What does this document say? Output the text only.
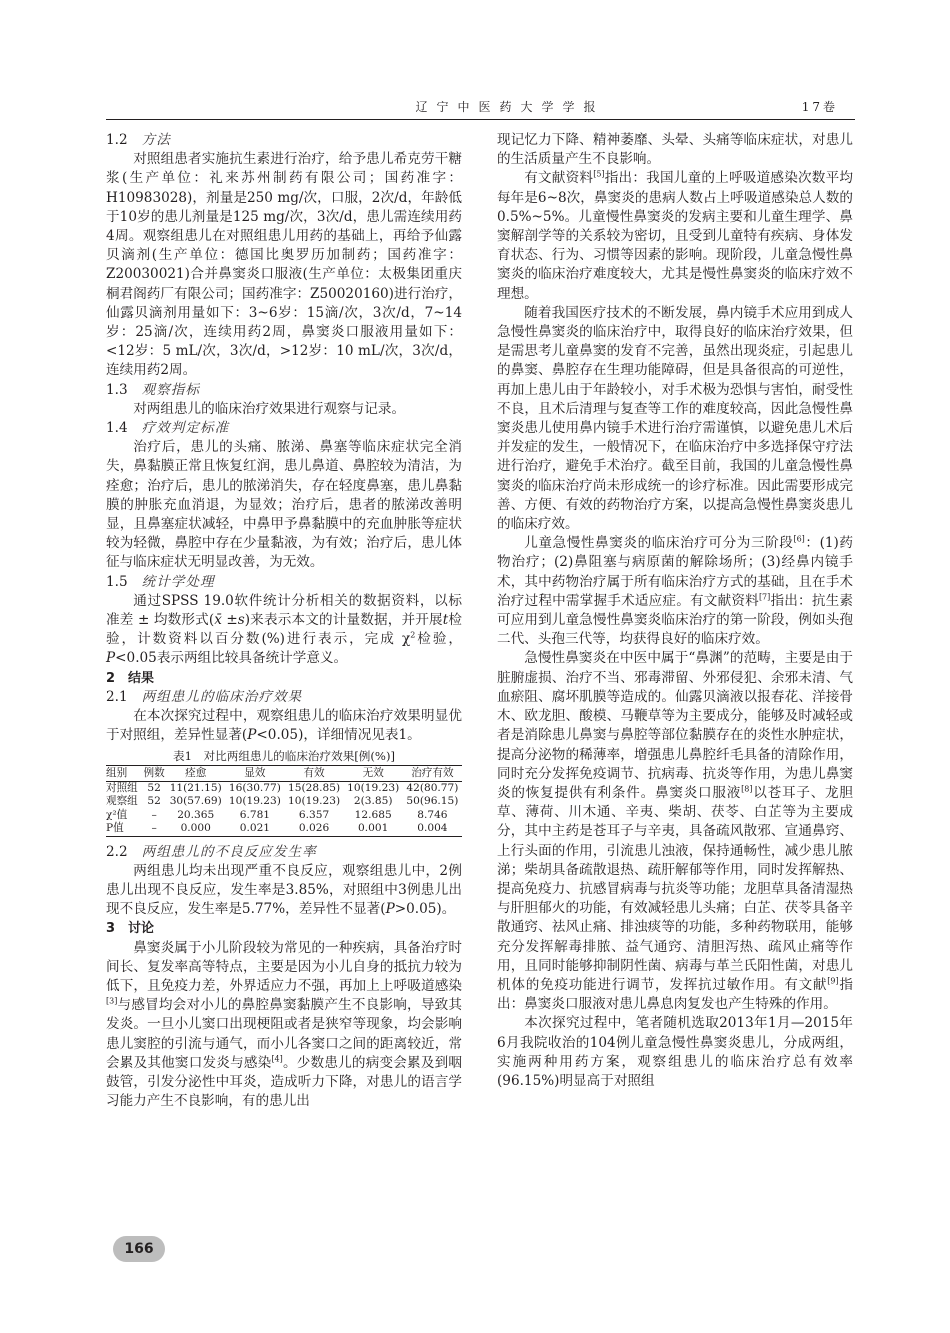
辽宁中医药大学学报	17卷
1.2 方法

对照组患者实施抗生素进行治疗，给予患儿希克劳干糖浆(生产单位：礼来苏州制药有限公司；国药准字：H10983028)，剂量是250 mg/次，口服，2次/d，年龄低于10岁的患儿剂量是125 mg/次，3次/d，患儿需连续用药4周。观察组患儿在对照组患儿用药的基础上，再给予仙露贝滴剂(生产单位：德国比奥罗历加制药；国药准字：Z20030021)合并鼻窦炎口服液(生产单位：太极集团重庆桐君阁药厂有限公司；国药准字：Z50020160)进行治疗，仙露贝滴剂用量如下：3~6岁：15滴/次，3次/d，7~14岁：25滴/次，连续用药2周，鼻窦炎口服液用量如下：<12岁：5 mL/次，3次/d，>12岁：10 mL/次，3次/d，连续用药2周。

1.3 观察指标

对两组患儿的临床治疗效果进行观察与记录。

1.4 疗效判定标准

治疗后，患儿的头痛、脓涕、鼻塞等临床症状完全消失，鼻黏膜正常且恢复红润，患儿鼻道、鼻腔较为清洁，为痊愈；治疗后，患儿的脓涕消失，存在轻度鼻塞，患儿鼻黏膜的肿胀充血消退，为显效；治疗后，患者的脓涕改善明显，且鼻塞症状减轻，中鼻甲予鼻黏膜中的充血肿胀等症状较为轻微，鼻腔中存在少量黏液，为有效；治疗后，患儿体征与临床症状无明显改善，为无效。

1.5 统计学处理

通过SPSS 19.0软件统计分析相关的数据资料，以标准差 ± 均数形式(x̄ ±s)来表示本文的计量数据，并开展t检验，计数资料以百分数(%)进行表示，完成 $\chi^2$检验，P<0.05表示两组比较具备统计学意义。

2　结果
2.1 两组患儿的临床治疗效果

在本次探究过程中，观察组患儿的临床治疗效果明显优于对照组，差异性显著(P<0.05)，详细情况见表1。

表1　对比两组患儿的临床治疗效果[例(%)]
组别	例数	痊愈	显效	有效	无效	治疗有效
对照组	52	11(21.15)	16(30.77)	15(28.85)	10(19.23)	42(80.77)
观察组	52	30(57.69)	10(19.23)	10(19.23)	2(3.85)	50(96.15)
χ²值	–	20.365	6.781	6.357	12.685	8.746
P值	–	0.000	0.021	0.026	0.001	0.004
2.2 两组患儿的不良反应发生率

两组患儿均未出现严重不良反应，观察组患儿中，2例患儿出现不良反应，发生率是3.85%，对照组中3例患儿出现不良反应，发生率是5.77%，差异性不显著(P>0.05)。

3　讨论

鼻窦炎属于小儿阶段较为常见的一种疾病，具备治疗时间长、复发率高等特点，主要是因为小儿自身的抵抗力较为低下，且免疫力差，外界适应力不强，再加上上呼吸道感染[3]与感冒均会对小儿的鼻腔鼻窦黏膜产生不良影响，导致其发炎。一旦小儿窦口出现梗阻或者是狭窄等现象，均会影响患儿窦腔的引流与通气，而小儿各窦口之间的距离较近，常会累及其他窦口发炎与感染[4]。少数患儿的病变会累及到咽鼓管，引发分泌性中耳炎，造成听力下降，对患儿的语言学习能力产生不良影响，有的患儿出

现记忆力下降、精神萎靡、头晕、头痛等临床症状，对患儿的生活质量产生不良影响。

有文献资料[5]指出：我国儿童的上呼吸道感染次数平均每年是6~8次，鼻窦炎的患病人数占上呼吸道感染总人数的0.5%~5%。儿童慢性鼻窦炎的发病主要和儿童生理学、鼻窦解剖学等的关系较为密切，且受到儿童特有疾病、身体发育状态、行为、习惯等因素的影响。现阶段，儿童急慢性鼻窦炎的临床治疗难度较大，尤其是慢性鼻窦炎的临床疗效不理想。

随着我国医疗技术的不断发展，鼻内镜手术应用到成人急慢性鼻窦炎的临床治疗中，取得良好的临床治疗效果，但是需思考儿童鼻窦的发育不完善，虽然出现炎症，引起患儿的鼻窦、鼻腔存在生理功能障碍，但是具备很高的可逆性，再加上患儿由于年龄较小，对手术极为恐惧与害怕，耐受性不良，且术后清理与复查等工作的难度较高，因此急慢性鼻窦炎患儿使用鼻内镜手术进行治疗需谨慎，以避免患儿术后并发症的发生，一般情况下，在临床治疗中多选择保守疗法进行治疗，避免手术治疗。截至目前，我国的儿童急慢性鼻窦炎的临床治疗尚未形成统一的诊疗标准。因此需要形成完善、方便、有效的药物治疗方案，以提高急慢性鼻窦炎患儿的临床疗效。

儿童急慢性鼻窦炎的临床治疗可分为三阶段[6]：(1)药物治疗；(2)鼻阻塞与病原菌的解除场所；(3)经鼻内镜手术，其中药物治疗属于所有临床治疗方式的基础，且在手术治疗过程中需掌握手术适应症。有文献资料[7]指出：抗生素可应用到儿童急慢性鼻窦炎临床治疗的第一阶段，例如头孢二代、头孢三代等，均获得良好的临床疗效。

急慢性鼻窦炎在中医中属于“鼻渊”的范畴，主要是由于脏腑虚损、治疗不当、邪毒滞留、外邪侵犯、余邪未清、气血瘀阻、腐坏肌膜等造成的。仙露贝滴液以报春花、洋接骨木、欧龙胆、酸模、马鞭草等为主要成分，能够及时减轻或者是消除患儿鼻窦与鼻腔等部位黏膜存在的炎性水肿症状，提高分泌物的稀薄率，增强患儿鼻腔纤毛具备的清除作用，同时充分发挥免疫调节、抗病毒、抗炎等作用，为患儿鼻窦炎的恢复提供有利条件。鼻窦炎口服液[8]以苍耳子、龙胆草、薄荷、川木通、辛夷、柴胡、茯苓、白芷等为主要成分，其中主药是苍耳子与辛夷，具备疏风散邪、宣通鼻窍、上行头面的作用，引流患儿浊液，保持通畅性，减少患儿脓涕；柴胡具备疏散退热、疏肝解郁等作用，同时发挥解热、提高免疫力、抗感冒病毒与抗炎等功能；龙胆草具备清湿热与肝胆郁火的功能，有效减轻患儿头痛；白芷、茯苓具备辛散通窍、祛风止痛、排浊痰等的功能，多种药物联用，能够充分发挥解毒排脓、益气通窍、清胆泻热、疏风止痛等作用，且同时能够抑制阴性菌、病毒与革兰氏阳性菌，对患儿机体的免疫功能进行调节，发挥抗过敏作用。有文献[9]指出：鼻窦炎口服液对患儿鼻息肉复发也产生特殊的作用。

本次探究过程中，笔者随机选取2013年1月—2015年6月我院收治的104例儿童急慢性鼻窦炎患儿，分成两组，实施两种用药方案，观察组患儿的临床治疗总有效率(96.15%)明显高于对照组

166
